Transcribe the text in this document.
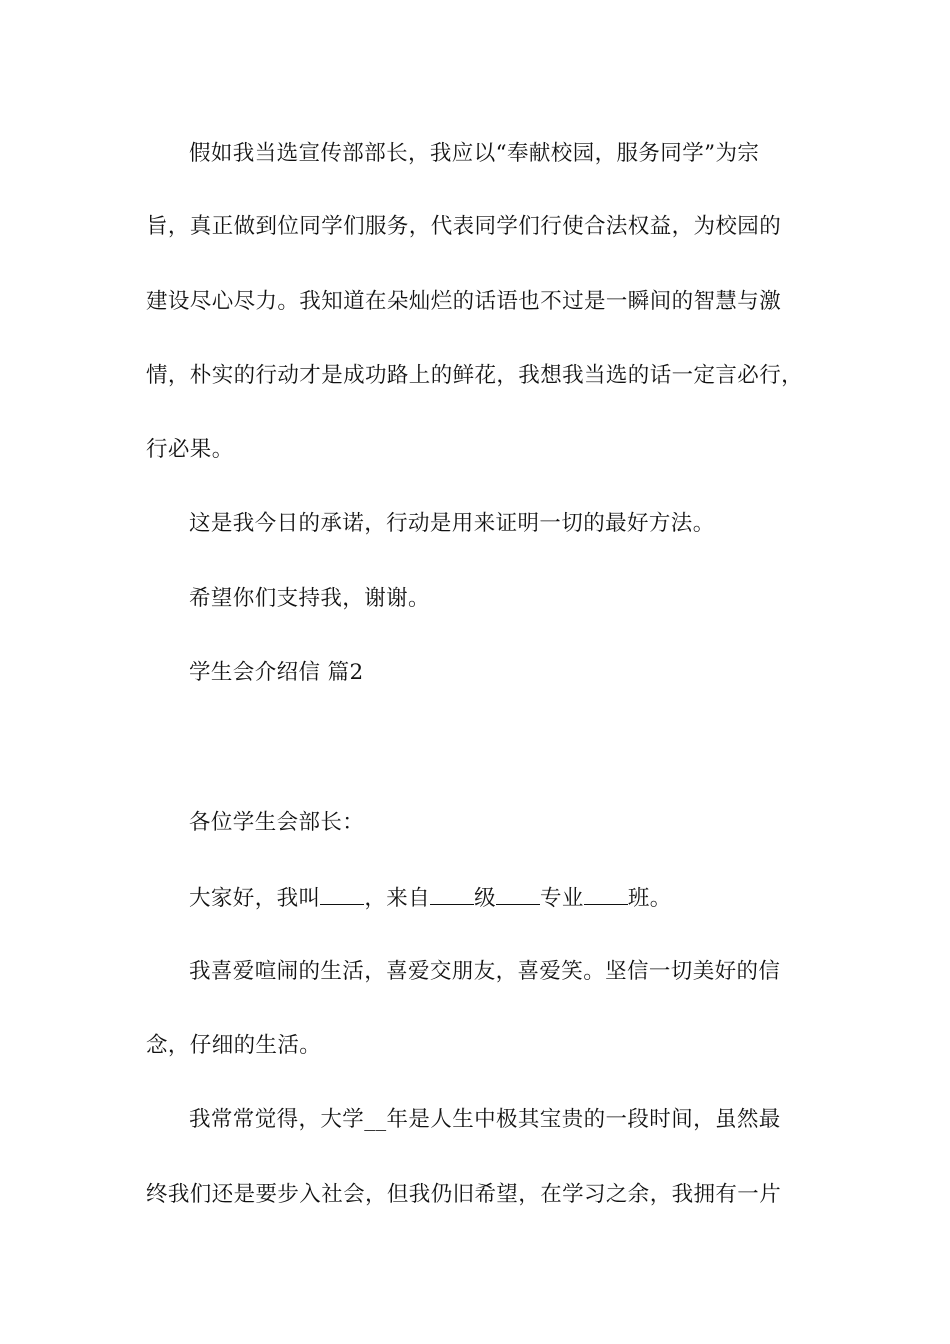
假如我当选宣传部部长，我应以“奉献校园，服务同学”为宗
旨，真正做到位同学们服务，代表同学们行使合法权益，为校园的
建设尽心尽力。我知道在朵灿烂的话语也不过是一瞬间的智慧与激
情，朴实的行动才是成功路上的鲜花，我想我当选的话一定言必行，
行必果。
这是我今日的承诺，行动是用来证明一切的最好方法。
希望你们支持我，谢谢。
学生会介绍信 篇2
各位学生会部长：
大家好，我叫 ，来自 级 专业 班。
我喜爱喧闹的生活，喜爱交朋友，喜爱笑。坚信一切美好的信
念，仔细的生活。
我常常觉得，大学__年是人生中极其宝贵的一段时间，虽然最
终我们还是要步入社会，但我仍旧希望，在学习之余，我拥有一片
